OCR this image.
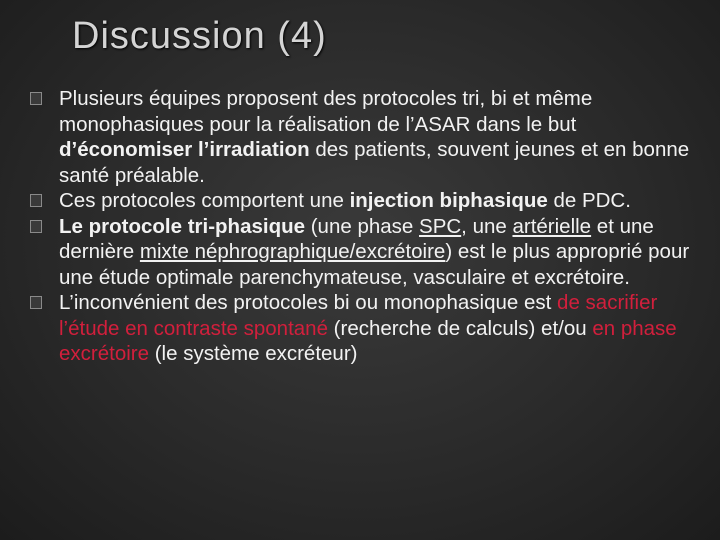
Discussion (4)
Plusieurs équipes proposent des protocoles tri, bi et même monophasiques pour la réalisation de l’ASAR dans le but d’économiser l’irradiation des patients, souvent jeunes et en bonne santé préalable.
Ces protocoles comportent une injection biphasique de PDC.
Le protocole tri-phasique (une phase SPC, une artérielle et une dernière mixte néphrographique/excrétoire) est le plus approprié pour une étude optimale parenchymateuse, vasculaire et excrétoire.
L’inconvénient des protocoles bi ou monophasique est de sacrifier l’étude en contraste spontané (recherche de calculs) et/ou en phase excrétoire (le système excréteur)
